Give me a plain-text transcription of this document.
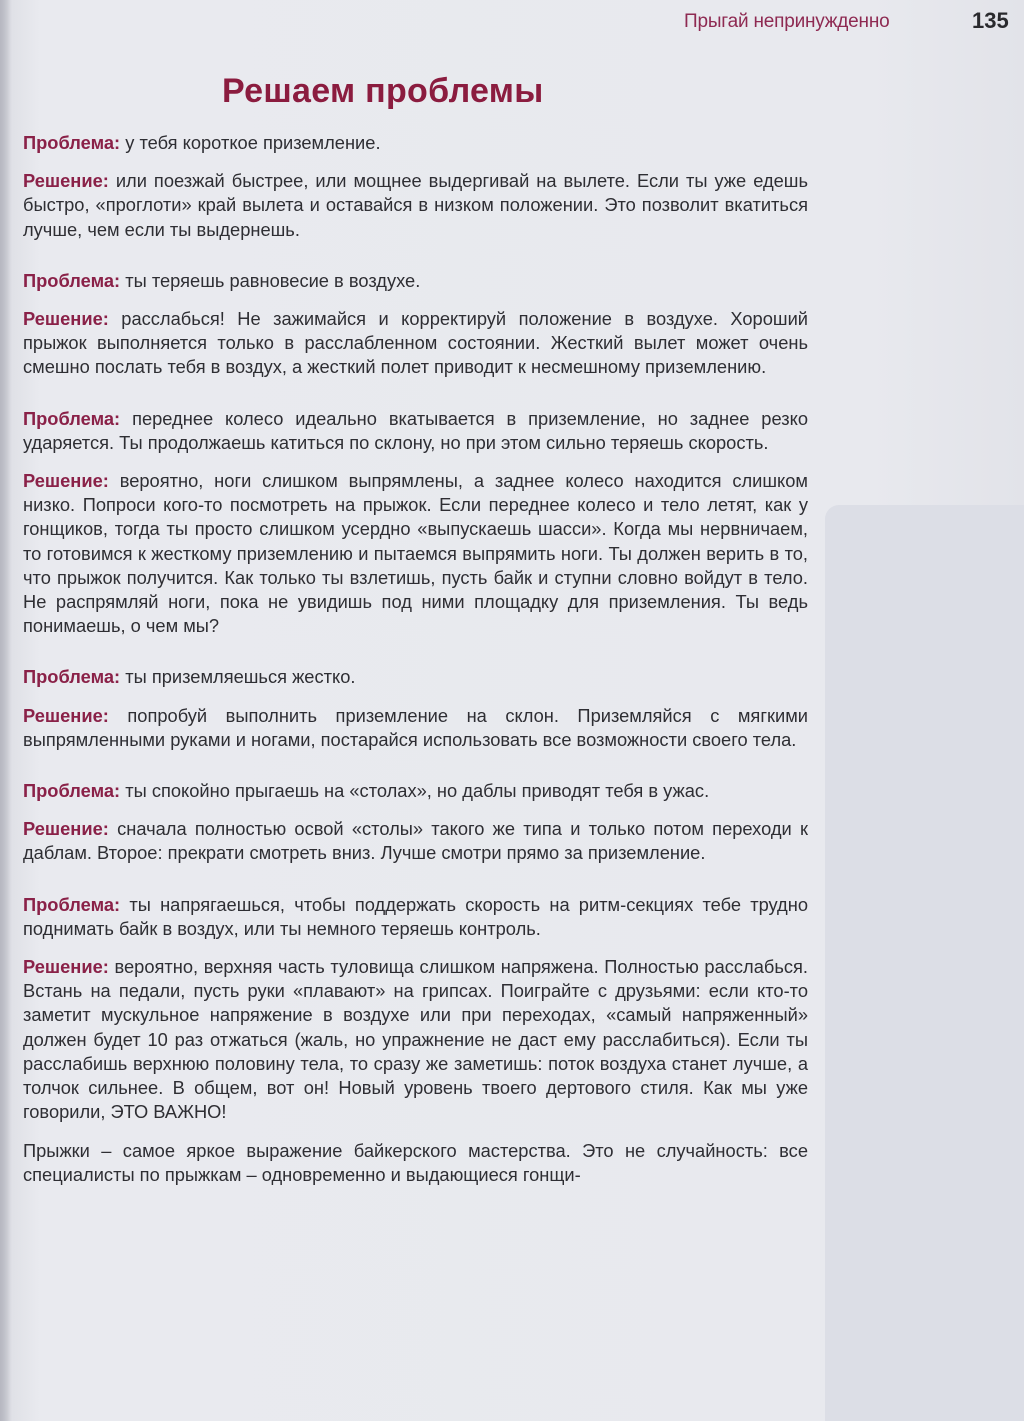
Прыгай непринужденно	135
Решаем проблемы

Проблема: у тебя короткое приземление.

Решение: или поезжай быстрее, или мощнее выдергивай на вылете. Если ты уже едешь быстро, «проглоти» край вылета и оставайся в низком положении. Это позволит вкатиться лучше, чем если ты выдернешь.

Проблема: ты теряешь равновесие в воздухе.

Решение: расслабься! Не зажимайся и корректируй положение в воздухе. Хороший прыжок выполняется только в расслабленном состоянии. Жесткий вылет может очень смешно послать тебя в воздух, а жесткий полет приводит к несмешному приземлению.

Проблема: переднее колесо идеально вкатывается в приземление, но заднее резко ударяется. Ты продолжаешь катиться по склону, но при этом сильно теряешь скорость.

Решение: вероятно, ноги слишком выпрямлены, а заднее колесо находится слишком низко. Попроси кого-то посмотреть на прыжок. Если переднее колесо и тело летят, как у гонщиков, тогда ты просто слишком усердно «выпускаешь шасси». Когда мы нервничаем, то готовимся к жесткому приземлению и пытаемся выпрямить ноги. Ты должен верить в то, что прыжок получится. Как только ты взлетишь, пусть байк и ступни словно войдут в тело. Не распрямляй ноги, пока не увидишь под ними площадку для приземления. Ты ведь понимаешь, о чем мы?

Проблема: ты приземляешься жестко.

Решение: попробуй выполнить приземление на склон. Приземляйся с мягкими выпрямленными руками и ногами, постарайся использовать все возможности своего тела.

Проблема: ты спокойно прыгаешь на «столах», но даблы приводят тебя в ужас.

Решение: сначала полностью освой «столы» такого же типа и только потом переходи к даблам. Второе: прекрати смотреть вниз. Лучше смотри прямо за приземление.

Проблема: ты напрягаешься, чтобы поддержать скорость на ритм-секциях тебе трудно поднимать байк в воздух, или ты немного теряешь контроль.

Решение: вероятно, верхняя часть туловища слишком напряжена. Полностью расслабься. Встань на педали, пусть руки «плавают» на грипсах. Поиграйте с друзьями: если кто-то заметит мускульное напряжение в воздухе или при переходах, «самый напряженный» должен будет 10 раз отжаться (жаль, но упражнение не даст ему расслабиться). Если ты расслабишь верхнюю половину тела, то сразу же заметишь: поток воздуха станет лучше, а толчок сильнее. В общем, вот он! Новый уровень твоего дертового стиля. Как мы уже говорили, ЭТО ВАЖНО!

Прыжки – самое яркое выражение байкерского мастерства. Это не случайность: все специалисты по прыжкам – одновременно и выдающиеся гонщи-
